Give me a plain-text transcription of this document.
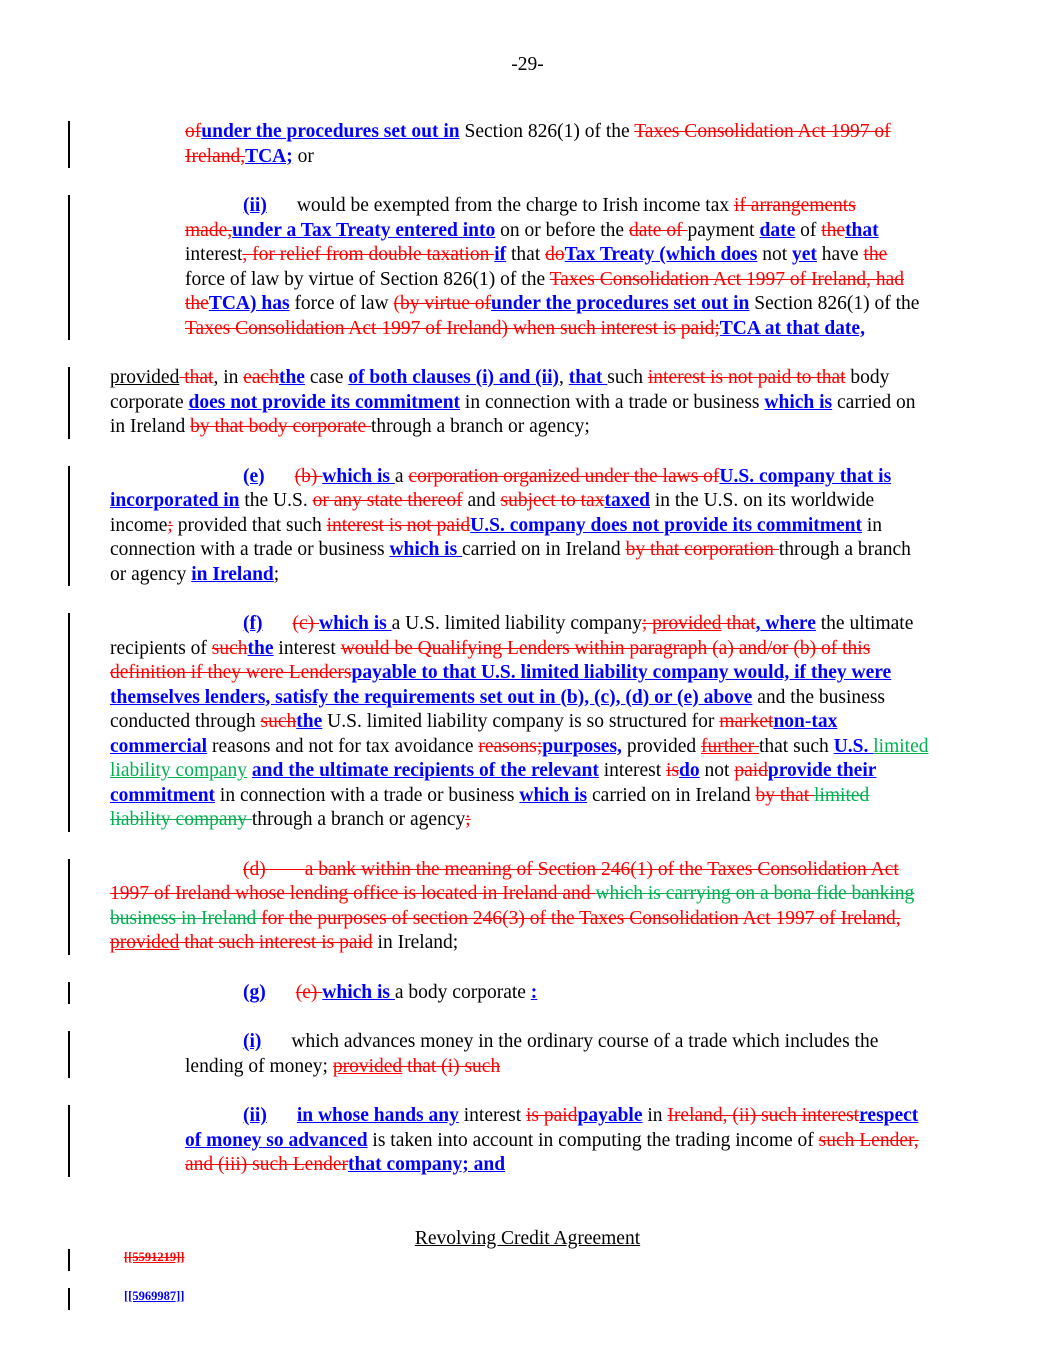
-29-

ofunder the procedures set out in Section 826(1) of the Taxes Consolidation Act 1997 of Ireland,TCA; or

(ii) would be exempted from the charge to Irish income tax if arrangements made,under a Tax Treaty entered into on or before the date of payment date of thethat interest, for relief from double taxation if that doTax Treaty (which does not yet have the force of law by virtue of Section 826(1) of the Taxes Consolidation Act 1997 of Ireland, had theTCA) has force of law (by virtue ofunder the procedures set out in Section 826(1) of the Taxes Consolidation Act 1997 of Ireland) when such interest is paid;TCA at that date,

provided that, in eachthe case of both clauses (i) and (ii), that such interest is not paid to that body corporate does not provide its commitment in connection with a trade or business which is carried on in Ireland by that body corporate through a branch or agency;

(e) (b) which is a corporation organized under the laws ofU.S. company that is incorporated in the U.S. or any state thereof and subject to taxtaxed in the U.S. on its worldwide income; provided that such interest is not paidU.S. company does not provide its commitment in connection with a trade or business which is carried on in Ireland by that corporation through a branch or agency in Ireland;

(f) (c) which is a U.S. limited liability company; provided that, where the ultimate recipients of suchthe interest would be Qualifying Lenders within paragraph (a) and/or (b) of this definition if they were Lenderspayable to that U.S. limited liability company would, if they were themselves lenders, satisfy the requirements set out in (b), (c), (d) or (e) above and the business conducted through suchthe U.S. limited liability company is so structured for marketnon-tax commercial reasons and not for tax avoidance reasons;purposes, provided further that such U.S. limited liability company and the ultimate recipients of the relevant interest isdo not paidprovide their commitment in connection with a trade or business which is carried on in Ireland by that limited liability company through a branch or agency;

(d) a bank within the meaning of Section 246(1) of the Taxes Consolidation Act 1997 of Ireland whose lending office is located in Ireland and which is carrying on a bona fide banking business in Ireland for the purposes of section 246(3) of the Taxes Consolidation Act 1997 of Ireland, provided that such interest is paid in Ireland;

(g) (e) which is a body corporate :

(i) which advances money in the ordinary course of a trade which includes the lending of money; provided that (i) such

(ii) in whose hands any interest is paidpayable in Ireland, (ii) such interestrespect of money so advanced is taken into account in computing the trading income of such Lender, and (iii) such Lenderthat company; and

Revolving Credit Agreement
[[5591219]]
[[5969987]]
